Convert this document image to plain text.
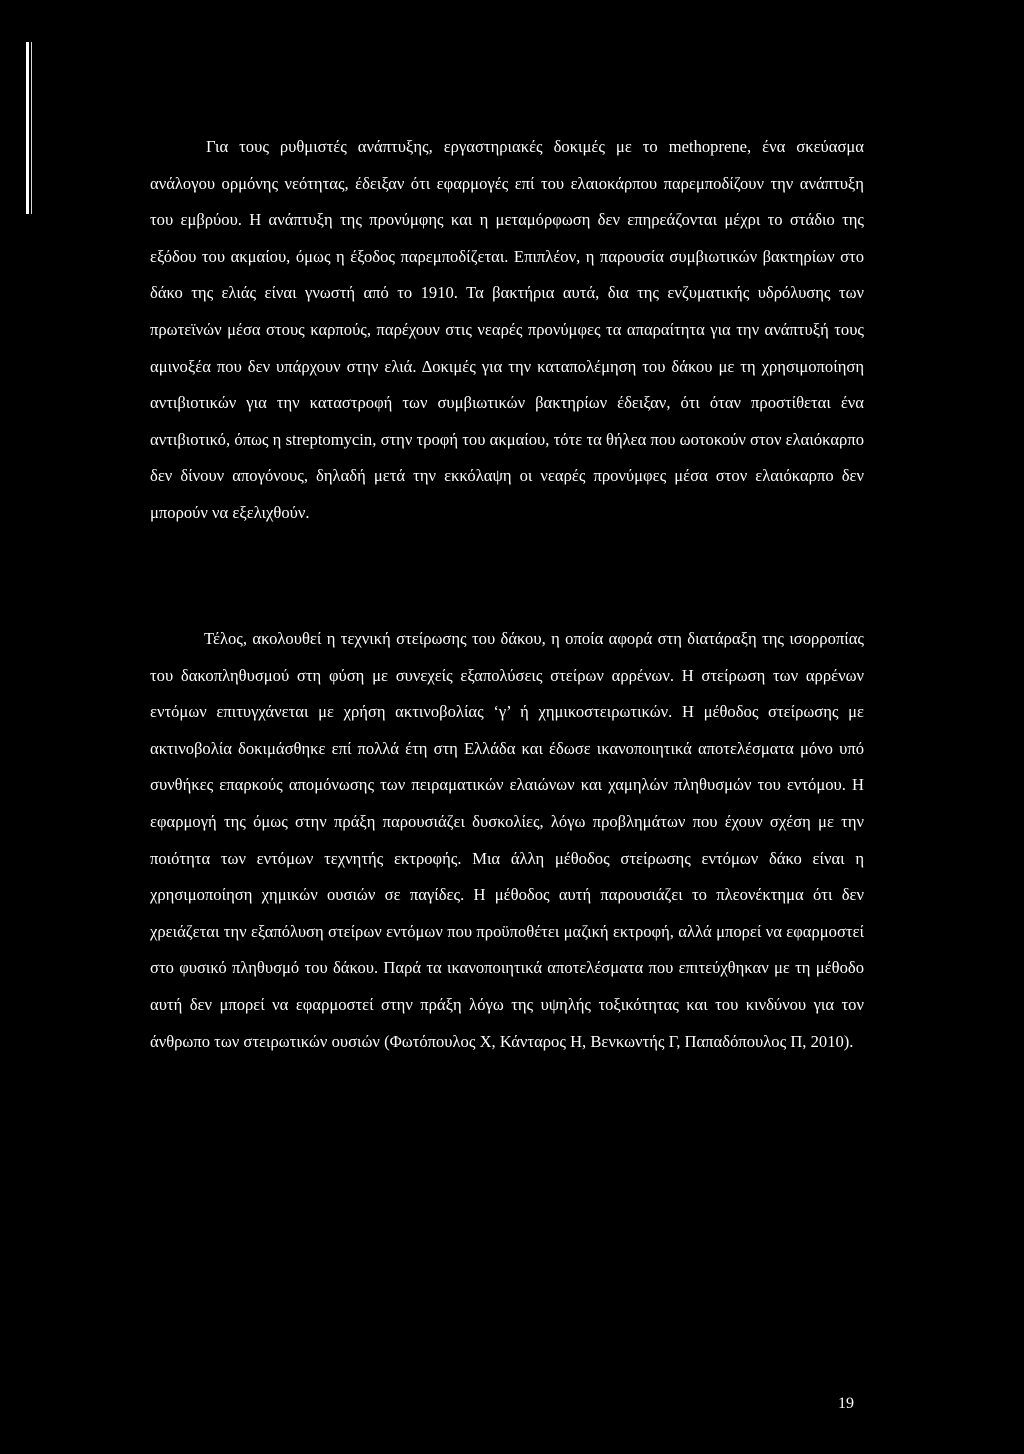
Για τους ρυθμιστές ανάπτυξης, εργαστηριακές δοκιμές με το methoprene, ένα σκεύασμα ανάλογου ορμόνης νεότητας, έδειξαν ότι εφαρμογές επί του ελαιοκάρπου παρεμποδίζουν την ανάπτυξη του εμβρύου. Η ανάπτυξη της προνύμφης και η μεταμόρφωση δεν επηρεάζονται μέχρι το στάδιο της εξόδου του ακμαίου, όμως η έξοδος παρεμποδίζεται. Επιπλέον, η παρουσία συμβιωτικών βακτηρίων στο δάκο της ελιάς είναι γνωστή από το 1910. Τα βακτήρια αυτά, δια της ενζυματικής υδρόλυσης των πρωτεϊνών μέσα στους καρπούς, παρέχουν στις νεαρές προνύμφες τα απαραίτητα για την ανάπτυξή τους αμινοξέα που δεν υπάρχουν στην ελιά. Δοκιμές για την καταπολέμηση του δάκου με τη χρησιμοποίηση αντιβιοτικών για την καταστροφή των συμβιωτικών βακτηρίων έδειξαν, ότι όταν προστίθεται ένα αντιβιοτικό, όπως η streptomycin, στην τροφή του ακμαίου, τότε τα θήλεα που ωοτοκούν στον ελαιόκαρπο δεν δίνουν απογόνους, δηλαδή μετά την εκκόλαψη οι νεαρές προνύμφες μέσα στον ελαιόκαρπο δεν μπορούν να εξελιχθούν.

Τέλος, ακολουθεί η τεχνική στείρωσης του δάκου, η οποία αφορά στη διατάραξη της ισορροπίας του δακοπληθυσμού στη φύση με συνεχείς εξαπολύσεις στείρων αρρένων. Η στείρωση των αρρένων εντόμων επιτυγχάνεται με χρήση ακτινοβολίας ‘γ’ ή χημικοστειρωτικών. Η μέθοδος στείρωσης με ακτινοβολία δοκιμάσθηκε επί πολλά έτη στη Ελλάδα και έδωσε ικανοποιητικά αποτελέσματα μόνο υπό συνθήκες επαρκούς απομόνωσης των πειραματικών ελαιώνων και χαμηλών πληθυσμών του εντόμου. Η εφαρμογή της όμως στην πράξη παρουσιάζει δυσκολίες, λόγω προβλημάτων που έχουν σχέση με την ποιότητα των εντόμων τεχνητής εκτροφής. Μια άλλη μέθοδος στείρωσης εντόμων δάκο είναι η χρησιμοποίηση χημικών ουσιών σε παγίδες. Η μέθοδος αυτή παρουσιάζει το πλεονέκτημα ότι δεν χρειάζεται την εξαπόλυση στείρων εντόμων που προϋποθέτει μαζική εκτροφή, αλλά μπορεί να εφαρμοστεί στο φυσικό πληθυσμό του δάκου. Παρά τα ικανοποιητικά αποτελέσματα που επιτεύχθηκαν με τη μέθοδο αυτή δεν μπορεί να εφαρμοστεί στην πράξη λόγω της υψηλής τοξικότητας και του κινδύνου για τον άνθρωπο των στειρωτικών ουσιών (Φωτόπουλος Χ, Κάνταρος Η, Βενκωντής Γ, Παπαδόπουλος Π, 2010).

19
